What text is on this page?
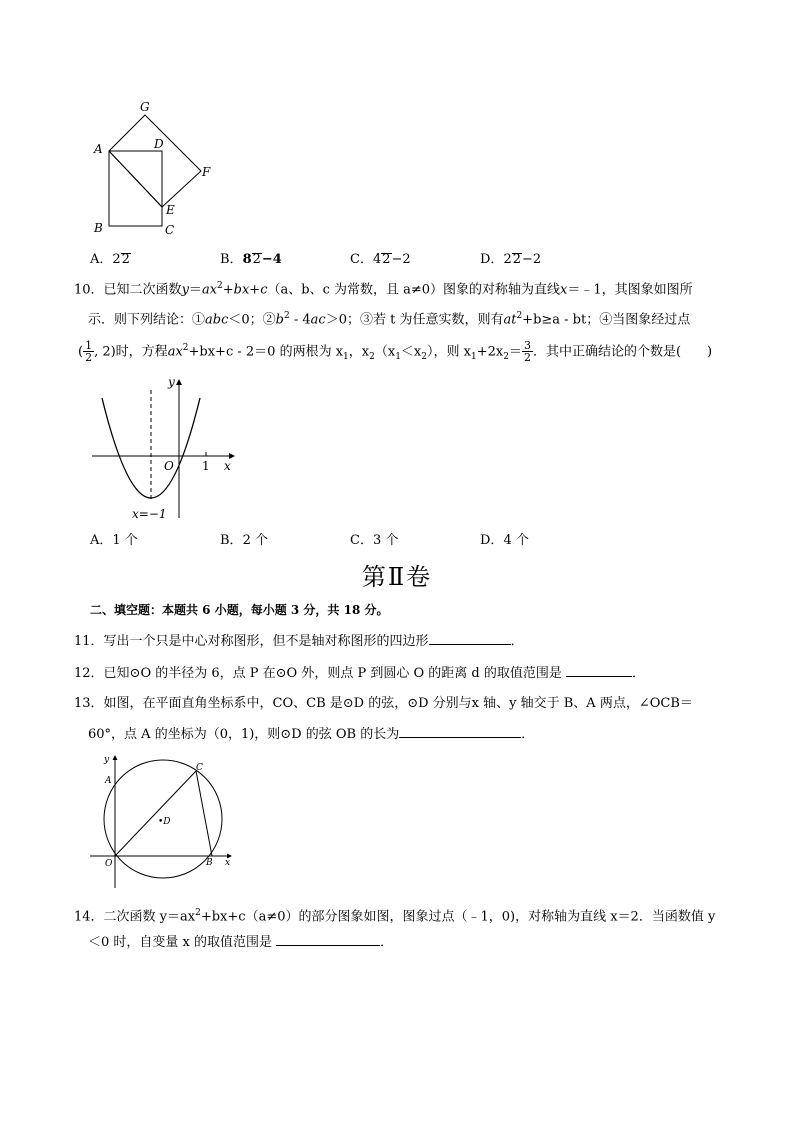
G
A	D
F
E
B	C
A．22	B．82−4	C．42−2	D．22−2
10．已知二次函数$y=ax^2+bx+c(a$、b、c 为常数，且 a≠0）图象的对称轴为直线x＝﹣1，其图象如图所
示．则下列结论：①abc＜0；$②b^2 - 4ac>0$；③若 t 为任意实数，则有$at^2+b\ge a$ - bt；④当图象经过点
( $\frac{1}{2}$ , 2)时，方程$ax^2+bx+c - 2=0$ 的两根为 $x_1$，$x_2(x_1<x_2)$，则 $x_1+2x_2= \frac{3}{2}$ ．其中正确结论的个数是(　　)
y
O 1 x
x=−1
A．1 个	B．2 个	C．3 个	D．4 个
第Ⅱ卷
二、填空题：本题共 6 小题，每小题 3 分，共 18 分。
11．写出一个只是中心对称图形，但不是轴对称图形的四边形	．
12．已知⊙O 的半径为 6，点 P 在⊙O 外，则点 P 到圆心 O 的距离 d 的取值范围是	．
13．如图，在平面直角坐标系中，CO、CB 是⊙D 的弦，⊙D 分别与x 轴、y 轴交于 B、A 两点，∠OCB＝
60°，点 A 的坐标为（0，1)，则⊙D 的弦 OB 的长为	．
y
A
C
•D
O	B x
14．二次函数 $y=ax^2+bx+c(a\ne 0)$的部分图象如图，图象过点（﹣1，0)，对称轴为直线 x＝2．当函数值 y
＜0 时，自变量 x 的取值范围是	．
